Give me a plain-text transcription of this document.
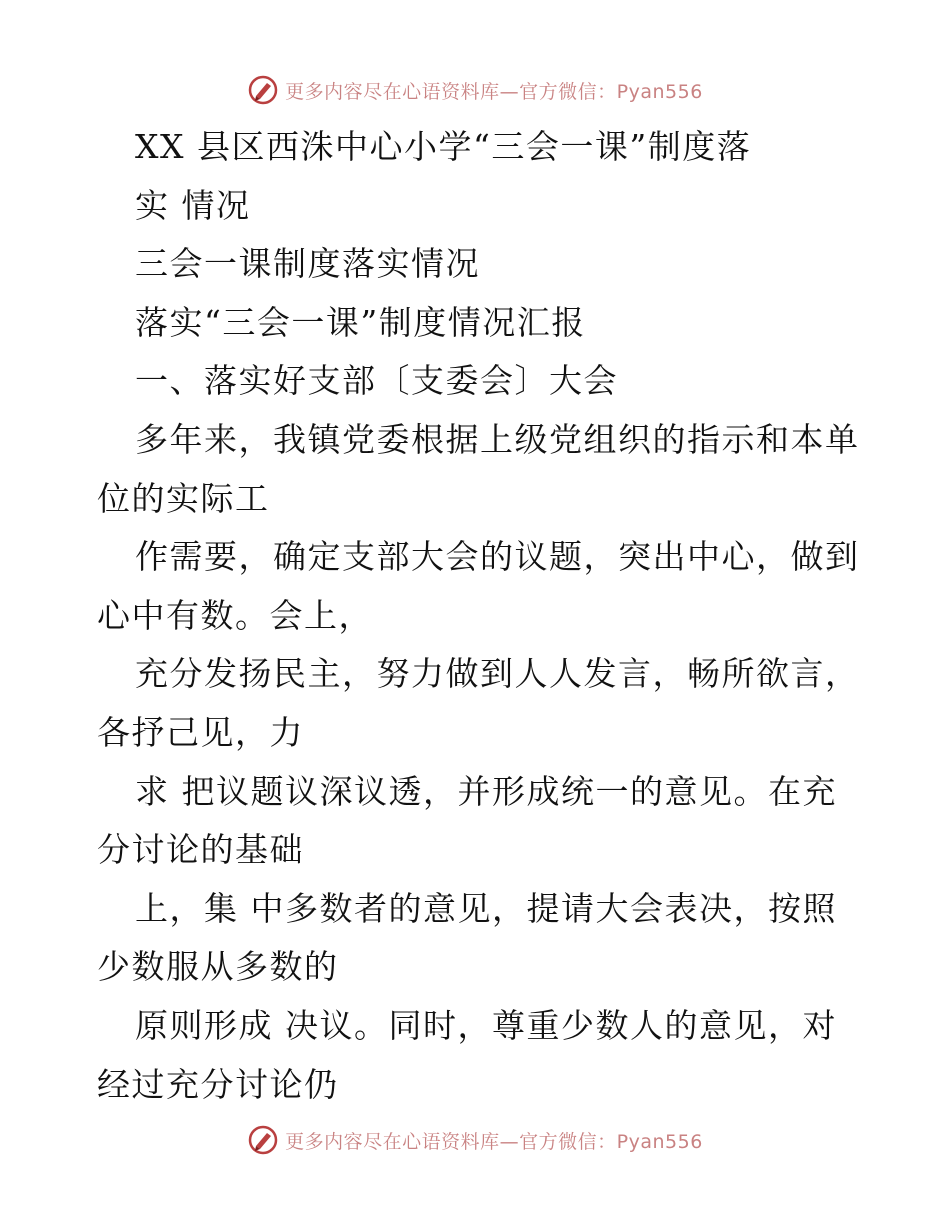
更多内容尽在心语资料库—官方微信：Pyan556
XX 县区西洙中心小学“三会一课”制度落
实 情况
三会一课制度落实情况
落实“三会一课”制度情况汇报
一、落实好支部〔支委会〕大会
多年来，我镇党委根据上级党组织的指示和本单
位的实际工
作需要，确定支部大会的议题，突出中心，做到
心中有数。会上，
充分发扬民主，努力做到人人发言，畅所欲言，
各抒己见，力
求 把议题议深议透，并形成统一的意见。在充
分讨论的基础
上，集 中多数者的意见，提请大会表决，按照
少数服从多数的
原则形成 决议。同时，尊重少数人的意见，对
经过充分讨论仍
更多内容尽在心语资料库—官方微信：Pyan556
